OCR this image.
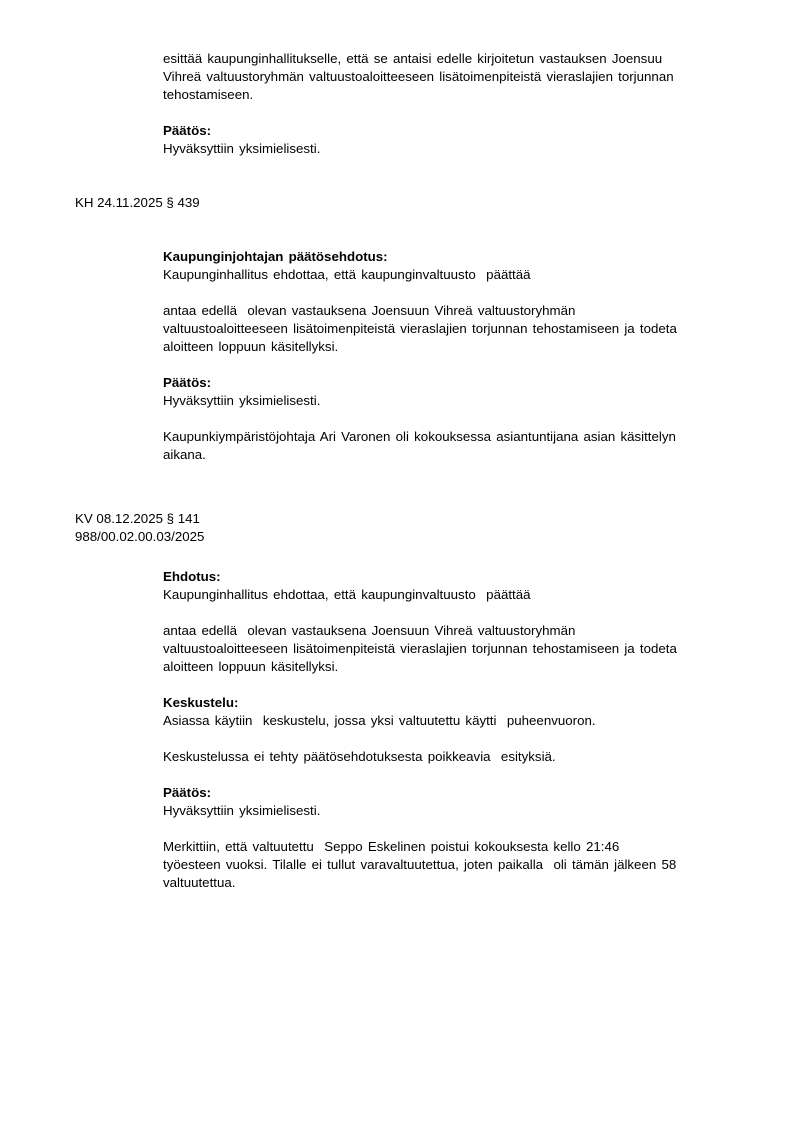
esittää kaupunginhallitukselle, että se antaisi edelle kirjoitetun vastauksen Joensuu
Vihreä valtuustoryhmän valtuustoaloitteeseen lisätoimenpiteistä vieraslajien torjunnan
tehostamiseen.
Päätös:
Hyväksyttiin yksimielisesti.
KH 24.11.2025 § 439
Kaupunginjohtajan päätösehdotus:
Kaupunginhallitus ehdottaa, että kaupunginvaltuusto  päättää
antaa edellä  olevan vastauksena Joensuun Vihreä valtuustoryhmän
valtuustoaloitteeseen lisätoimenpiteistä vieraslajien torjunnan tehostamiseen ja todeta
aloitteen loppuun käsitellyksi.
Päätös:
Hyväksyttiin yksimielisesti.
Kaupunkiympäristöjohtaja Ari Varonen oli kokouksessa asiantuntijana asian käsittelyn
aikana.
KV 08.12.2025 § 141
988/00.02.00.03/2025
Ehdotus:
Kaupunginhallitus ehdottaa, että kaupunginvaltuusto  päättää
antaa edellä  olevan vastauksena Joensuun Vihreä valtuustoryhmän
valtuustoaloitteeseen lisätoimenpiteistä vieraslajien torjunnan tehostamiseen ja todeta
aloitteen loppuun käsitellyksi.
Keskustelu:
Asiassa käytiin  keskustelu, jossa yksi valtuutettu käytti  puheenvuoron.
Keskustelussa ei tehty päätösehdotuksesta poikkeavia  esityksiä.
Päätös:
Hyväksyttiin yksimielisesti.
Merkittiin, että valtuutettu  Seppo Eskelinen poistui kokouksesta kello 21:46
työesteen vuoksi. Tilalle ei tullut varavaltuutettua, joten paikalla  oli tämän jälkeen 58
valtuutettua.
